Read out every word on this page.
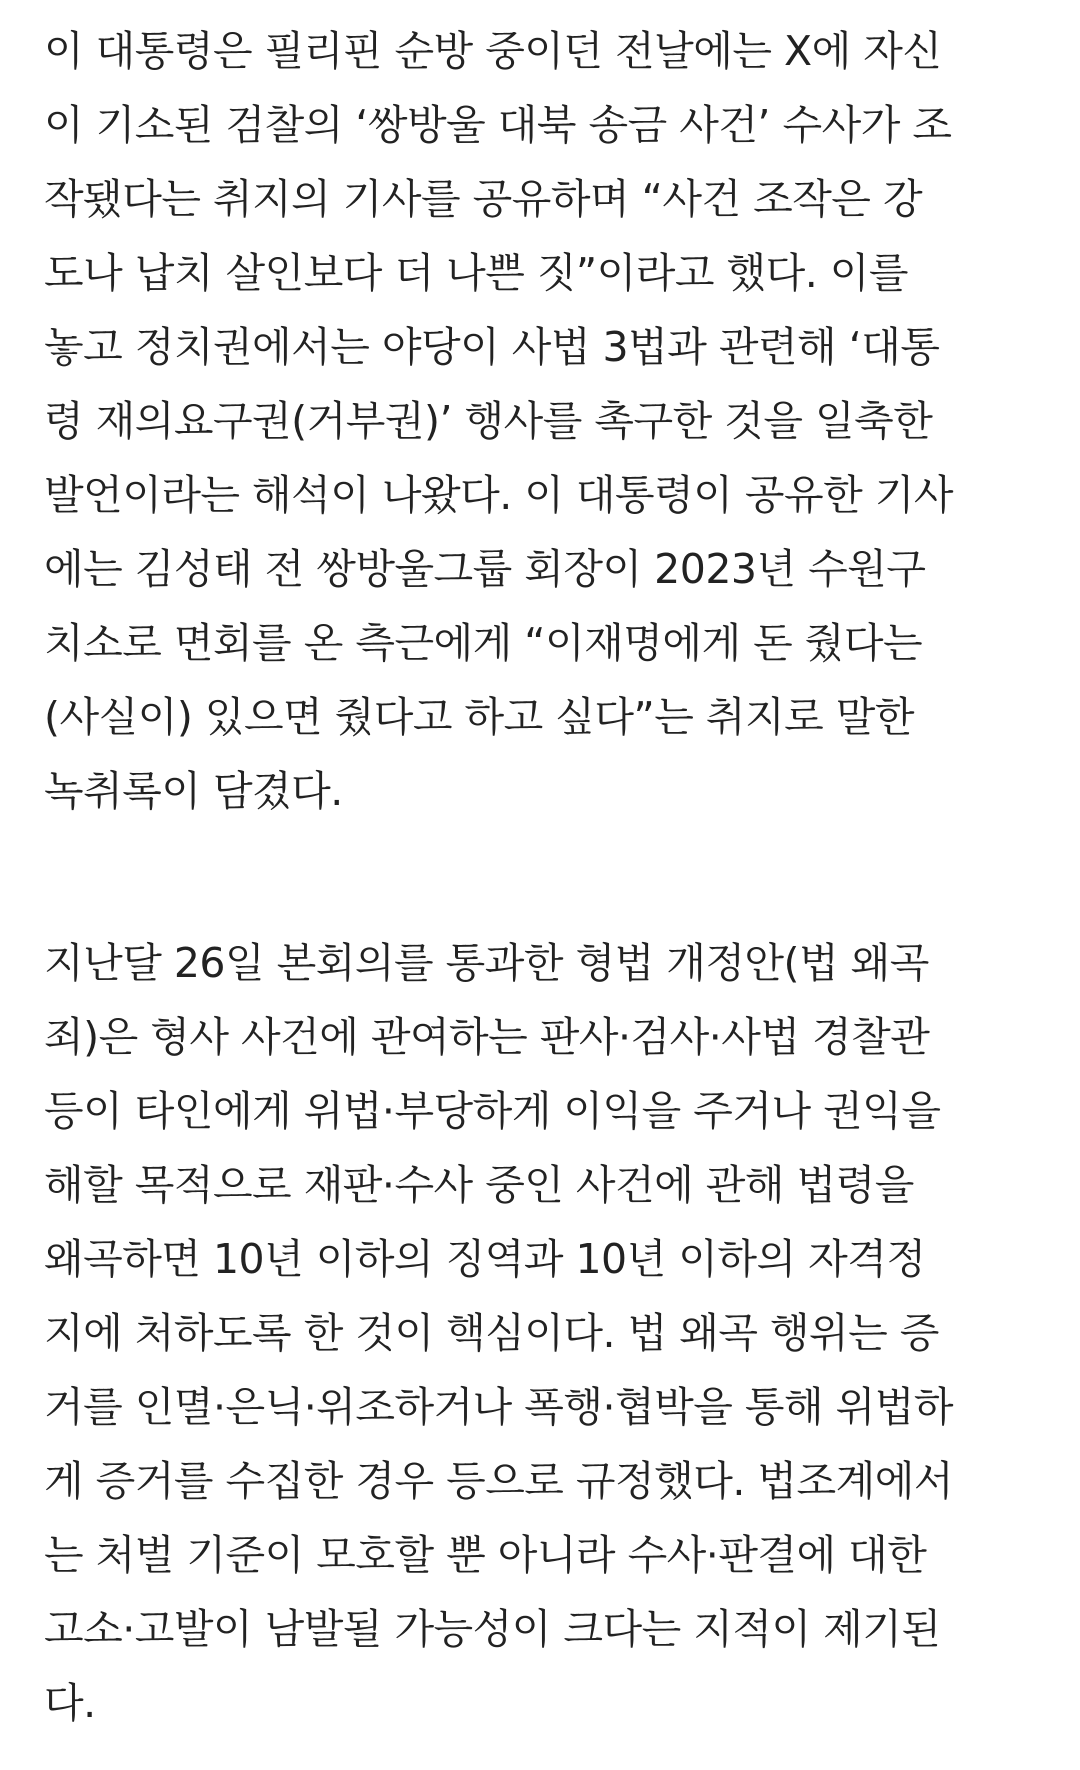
이 대통령은 필리핀 순방 중이던 전날에는 X에 자신
이 기소된 검찰의 ‘쌍방울 대북 송금 사건’ 수사가 조
작됐다는 취지의 기사를 공유하며 “사건 조작은 강
도나 납치 살인보다 더 나쁜 짓”이라고 했다. 이를
놓고 정치권에서는 야당이 사법 3법과 관련해 ‘대통
령 재의요구권(거부권)’ 행사를 촉구한 것을 일축한
발언이라는 해석이 나왔다. 이 대통령이 공유한 기사
에는 김성태 전 쌍방울그룹 회장이 2023년 수원구
치소로 면회를 온 측근에게 “이재명에게 돈 줬다는
(사실이) 있으면 줬다고 하고 싶다”는 취지로 말한
녹취록이 담겼다.

지난달 26일 본회의를 통과한 형법 개정안(법 왜곡
죄)은 형사 사건에 관여하는 판사·검사·사법 경찰관
등이 타인에게 위법·부당하게 이익을 주거나 권익을
해할 목적으로 재판·수사 중인 사건에 관해 법령을
왜곡하면 10년 이하의 징역과 10년 이하의 자격정
지에 처하도록 한 것이 핵심이다. 법 왜곡 행위는 증
거를 인멸·은닉·위조하거나 폭행·협박을 통해 위법하
게 증거를 수집한 경우 등으로 규정했다. 법조계에서
는 처벌 기준이 모호할 뿐 아니라 수사·판결에 대한
고소·고발이 남발될 가능성이 크다는 지적이 제기된
다.
